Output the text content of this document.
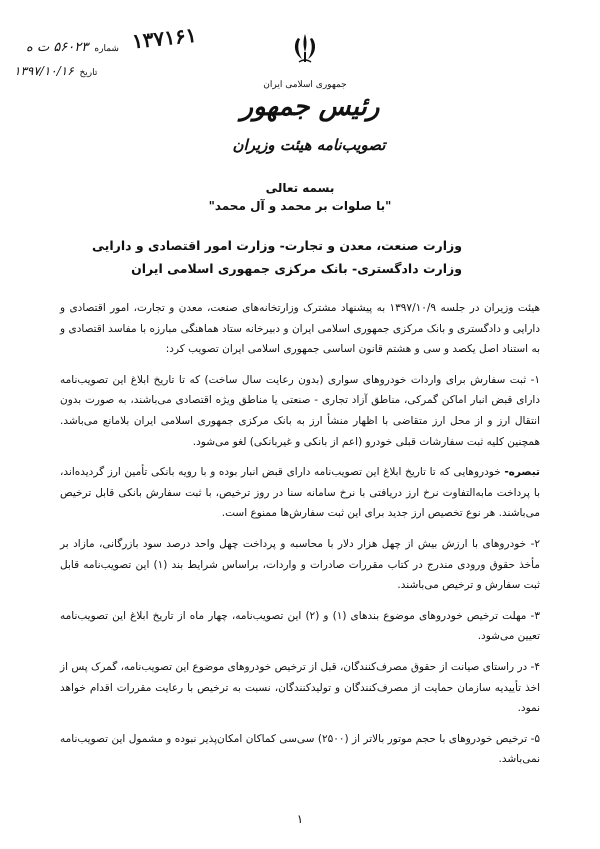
۱۳۷۱۶۱
شماره ۵۶۰۲۳ ت ه
تاریخ ۱۳۹۷/۱۰/۱۶
جمهوری اسلامی ایران
رئیس جمهور
تصویب‌نامه هیئت وزیران
بسمه تعالی
"با صلوات بر محمد و آل محمد"
وزارت صنعت، معدن و تجارت- وزارت امور اقتصادی و دارایی
وزارت دادگستری- بانک مرکزی جمهوری اسلامی ایران

هیئت وزیران در جلسه ۱۳۹۷/۱۰/۹ به پیشنهاد مشترک وزارتخانه‌های صنعت، معدن و تجارت، امور اقتصادی و دارایی و دادگستری و بانک مرکزی جمهوری اسلامی ایران و دبیرخانه ستاد هماهنگی مبارزه با مفاسد اقتصادی و به استناد اصل یکصد و سی و هشتم قانون اساسی جمهوری اسلامی ایران تصویب کرد:

۱- ثبت سفارش برای واردات خودروهای سواری (بدون رعایت سال ساخت) که تا تاریخ ابلاغ این تصویب‌نامه دارای قبض انبار اماکن گمرکی، مناطق آزاد تجاری - صنعتی یا مناطق ویژه اقتصادی می‌باشند، به صورت بدون انتقال ارز و از محل ارز متقاضی با اظهار منشأ ارز به بانک مرکزی جمهوری اسلامی ایران بلامانع می‌باشد. همچنین کلیه ثبت سفارشات قبلی خودرو (اعم از بانکی و غیربانکی) لغو می‌شود.

تبصره- خودروهایی که تا تاریخ ابلاغ این تصویب‌نامه دارای قبض انبار بوده و با رویه بانکی تأمین ارز گردیده‌اند، با پرداخت مابه‌التفاوت نرخ ارز دریافتی با نرخ سامانه سنا در روز ترخیص، با ثبت سفارش بانکی قابل ترخیص می‌باشند. هر نوع تخصیص ارز جدید برای این ثبت سفارش‌ها ممنوع است.

۲- خودروهای با ارزش بیش از چهل هزار دلار با محاسبه و پرداخت چهل واحد درصد سود بازرگانی، مازاد بر مأخذ حقوق ورودی مندرج در کتاب مقررات صادرات و واردات، براساس شرایط بند (۱) این تصویب‌نامه قابل ثبت سفارش و ترخیص می‌باشند.

۳- مهلت ترخیص خودروهای موضوع بندهای (۱) و (۲) این تصویب‌نامه، چهار ماه از تاریخ ابلاغ این تصویب‌نامه تعیین می‌شود.

۴- در راستای صیانت از حقوق مصرف‌کنندگان، قبل از ترخیص خودروهای موضوع این تصویب‌نامه، گمرک پس از اخذ تأییدیه سازمان حمایت از مصرف‌کنندگان و تولیدکنندگان، نسبت به ترخیص با رعایت مقررات اقدام خواهد نمود.

۵- ترخیص خودروهای با حجم موتور بالاتر از (۲۵۰۰) سی‌سی کماکان امکان‌پذیر نبوده و مشمول این تصویب‌نامه نمی‌باشد.

۱
